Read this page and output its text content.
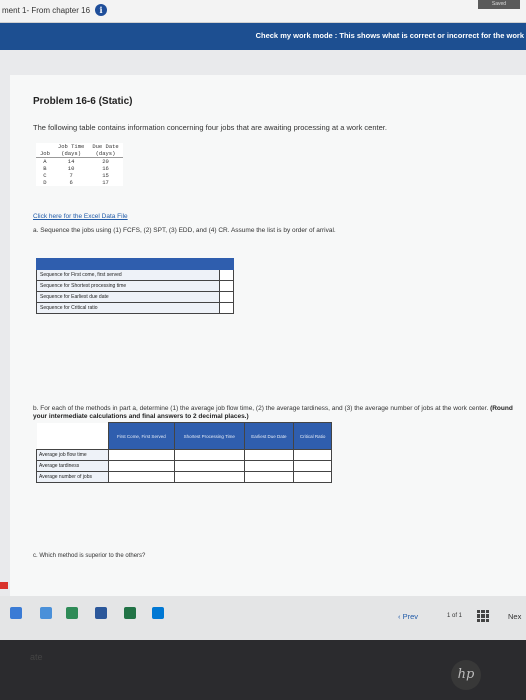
ment 1- From chapter 16	i
Saved
Check my work mode : This shows what is correct or incorrect for the work
Problem 16-6 (Static)
The following table contains information concerning four jobs that are awaiting processing at a work center.
	Job Time	Due Date
Job	(days)	(days)
A	14	20
B	10	16
C	7	15
D	6	17
Click here for the Excel Data File
a. Sequence the jobs using (1) FCFS, (2) SPT, (3) EDD, and (4) CR. Assume the list is by order of arrival.

Sequence for First come, first served	
Sequence for Shortest processing time	
Sequence for Earliest due date	
Sequence for Critical ratio	
b. For each of the methods in part a, determine (1) the average job flow time, (2) the average tardiness, and (3) the average number of jobs at the work center. (Round your intermediate calculations and final answers to 2 decimal places.)
	First Come, First Served	Shortest Processing Time	Earliest Due Date	Critical Ratio
Average job flow time				
Average tardiness				
Average number of jobs				
c. Which method is superior to the others?
‹ Prev	1 of 1	Nex
ate
hp
